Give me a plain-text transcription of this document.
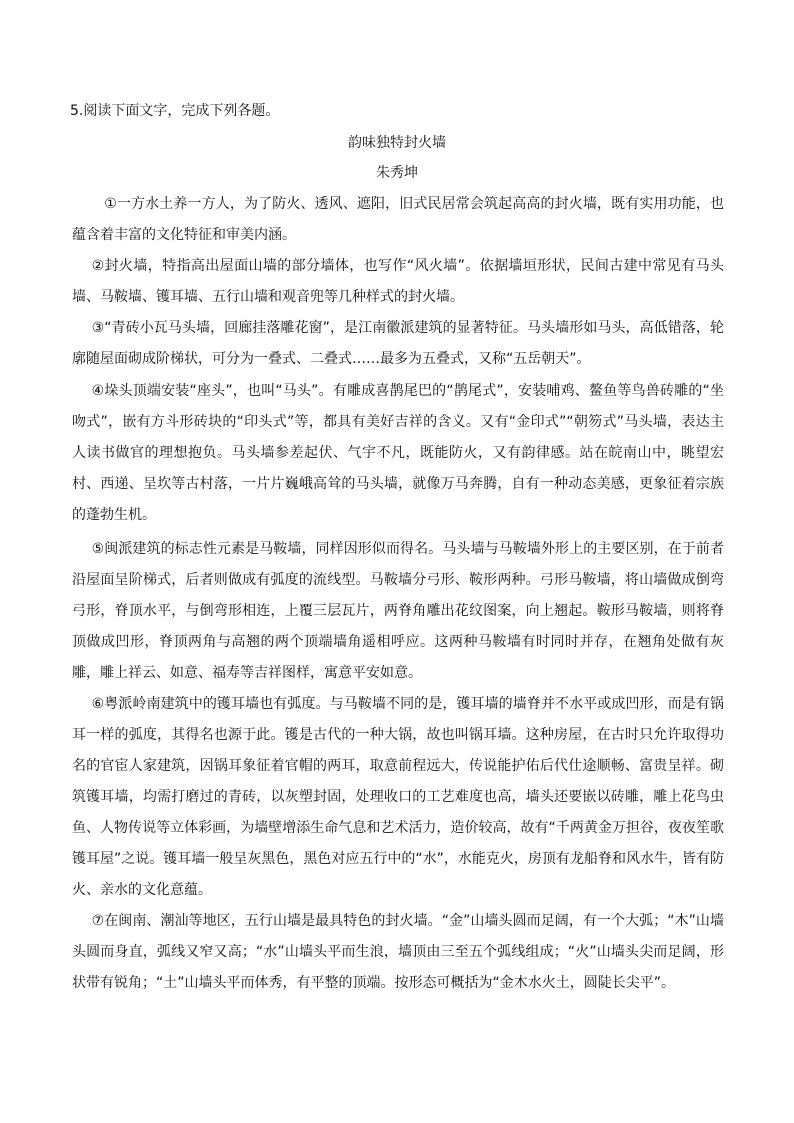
5.阅读下面文字，完成下列各题。
韵味独特封火墙
朱秀坤

①一方水土养一方人，为了防火、透风、遮阳，旧式民居常会筑起高高的封火墙，既有实用功能，也蕴含着丰富的文化特征和审美内涵。

②封火墙，特指高出屋面山墙的部分墙体，也写作“风火墙”。依据墙垣形状，民间古建中常见有马头墙、马鞍墙、镬耳墙、五行山墙和观音兜等几种样式的封火墙。

③“青砖小瓦马头墙，回廊挂落雕花窗”，是江南徽派建筑的显著特征。马头墙形如马头，高低错落，轮廓随屋面砌成阶梯状，可分为一叠式、二叠式……最多为五叠式，又称“五岳朝天”。

④垛头顶端安装“座头”，也叫“马头”。有雕成喜鹊尾巴的“鹊尾式”，安装哺鸡、鳌鱼等鸟兽砖雕的“坐吻式”，嵌有方斗形砖块的“印头式”等，都具有美好吉祥的含义。又有“金印式”“朝笏式”马头墙，表达主人读书做官的理想抱负。马头墙参差起伏、气宇不凡，既能防火，又有韵律感。站在皖南山中，眺望宏村、西递、呈坎等古村落，一片片巍峨高耸的马头墙，就像万马奔腾，自有一种动态美感，更象征着宗族的蓬勃生机。

⑤闽派建筑的标志性元素是马鞍墙，同样因形似而得名。马头墙与马鞍墙外形上的主要区别，在于前者沿屋面呈阶梯式，后者则做成有弧度的流线型。马鞍墙分弓形、鞍形两种。弓形马鞍墙，将山墙做成倒弯弓形，脊顶水平，与倒弯形相连，上覆三层瓦片，两脊角雕出花纹图案，向上翘起。鞍形马鞍墙，则将脊顶做成凹形，脊顶两角与高翘的两个顶端墙角遥相呼应。这两种马鞍墙有时同时并存，在翘角处做有灰雕，雕上祥云、如意、福寿等吉祥图样，寓意平安如意。

⑥粤派岭南建筑中的镬耳墙也有弧度。与马鞍墙不同的是，镬耳墙的墙脊并不水平或成凹形，而是有锅耳一样的弧度，其得名也源于此。镬是古代的一种大锅，故也叫锅耳墙。这种房屋，在古时只允许取得功名的官宦人家建筑，因锅耳象征着官帽的两耳，取意前程远大，传说能护佑后代仕途顺畅、富贵呈祥。砌筑镬耳墙，均需打磨过的青砖，以灰塑封固，处理收口的工艺难度也高，墙头还要嵌以砖雕，雕上花鸟虫鱼、人物传说等立体彩画，为墙壁增添生命气息和艺术活力，造价较高，故有“千两黄金万担谷，夜夜笙歌镬耳屋”之说。镬耳墙一般呈灰黑色，黑色对应五行中的“水”，水能克火，房顶有龙船脊和风水牛，皆有防火、亲水的文化意蕴。

⑦在闽南、潮汕等地区，五行山墙是最具特色的封火墙。“金”山墙头圆而足阔，有一个大弧；“木”山墙头圆而身直，弧线又窄又高；“水”山墙头平而生浪，墙顶由三至五个弧线组成；“火”山墙头尖而足阔，形状带有锐角；“土”山墙头平而体秀，有平整的顶端。按形态可概括为“金木水火土，圆陡长尖平”。
